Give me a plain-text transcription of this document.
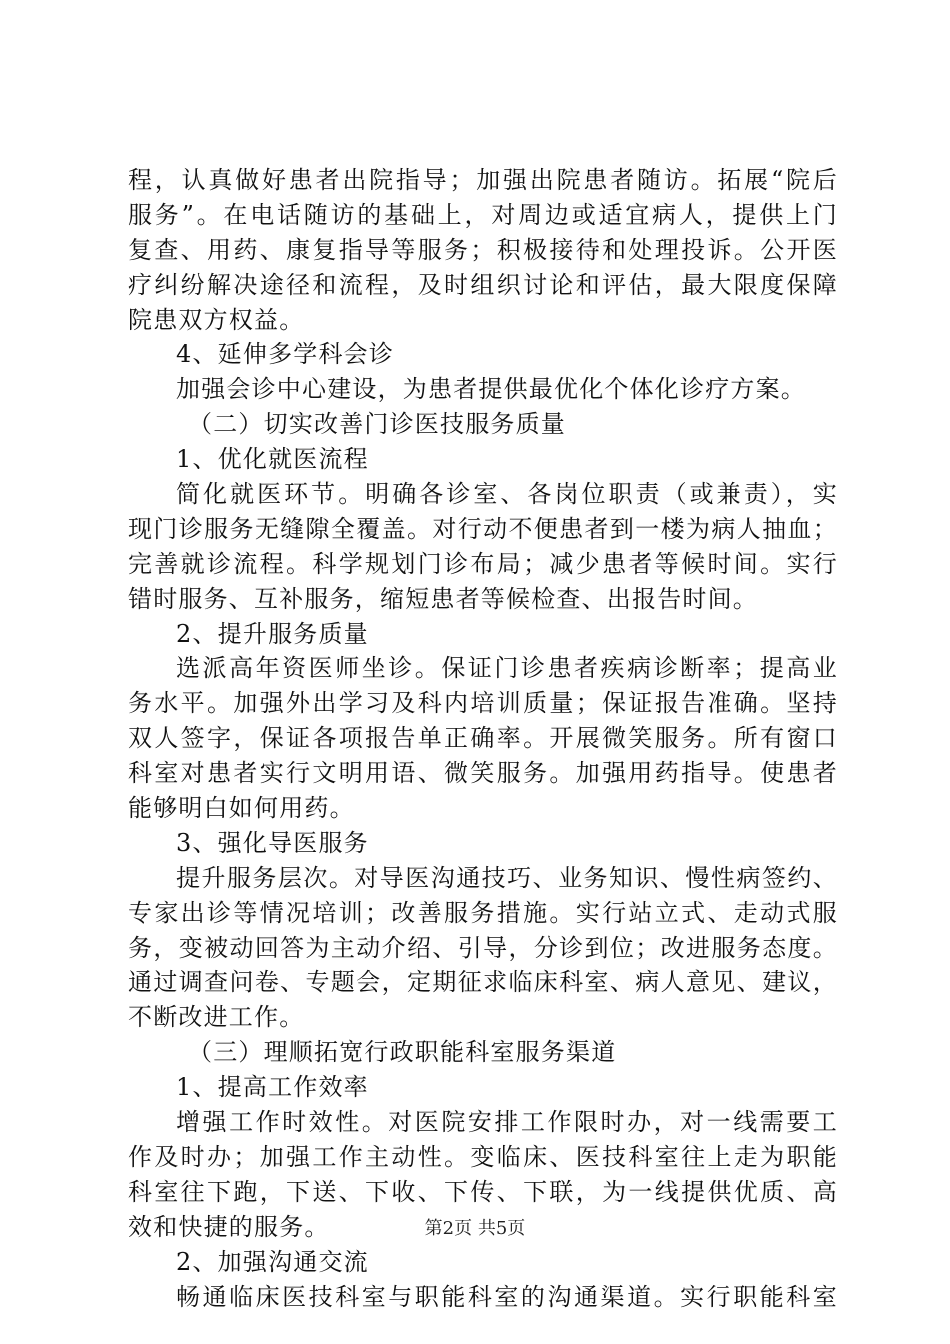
程，认真做好患者出院指导；加强出院患者随访。拓展“院后
服务”。在电话随访的基础上，对周边或适宜病人，提供上门
复查、用药、康复指导等服务；积极接待和处理投诉。公开医
疗纠纷解决途径和流程，及时组织讨论和评估，最大限度保障
院患双方权益。
4、延伸多学科会诊
加强会诊中心建设，为患者提供最优化个体化诊疗方案。
（二）切实改善门诊医技服务质量
1、优化就医流程
简化就医环节。明确各诊室、各岗位职责（或兼责），实
现门诊服务无缝隙全覆盖。对行动不便患者到一楼为病人抽血；
完善就诊流程。科学规划门诊布局；减少患者等候时间。实行
错时服务、互补服务，缩短患者等候检查、出报告时间。
2、提升服务质量
选派高年资医师坐诊。保证门诊患者疾病诊断率；提高业
务水平。加强外出学习及科内培训质量；保证报告准确。坚持
双人签字，保证各项报告单正确率。开展微笑服务。所有窗口
科室对患者实行文明用语、微笑服务。加强用药指导。使患者
能够明白如何用药。
3、强化导医服务
提升服务层次。对导医沟通技巧、业务知识、慢性病签约、
专家出诊等情况培训；改善服务措施。实行站立式、走动式服
务，变被动回答为主动介绍、引导，分诊到位；改进服务态度。
通过调查问卷、专题会，定期征求临床科室、病人意见、建议，
不断改进工作。
（三）理顺拓宽行政职能科室服务渠道
1、提高工作效率
增强工作时效性。对医院安排工作限时办，对一线需要工
作及时办；加强工作主动性。变临床、医技科室往上走为职能
科室往下跑，下送、下收、下传、下联，为一线提供优质、高
效和快捷的服务。
2、加强沟通交流
畅通临床医技科室与职能科室的沟通渠道。实行职能科室
第2页 共5页
